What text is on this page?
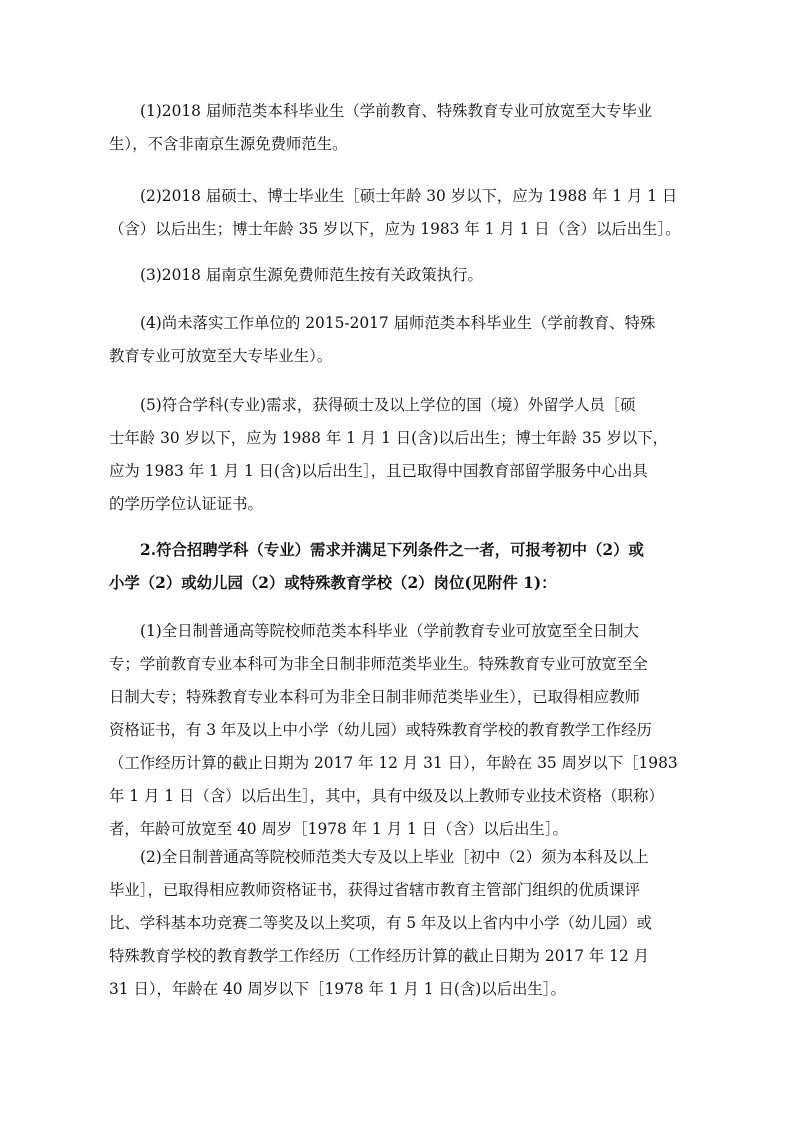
(1)2018 届师范类本科毕业生（学前教育、特殊教育专业可放宽至大专毕业
生），不含非南京生源免费师范生。
(2)2018 届硕士、博士毕业生［硕士年龄 30 岁以下，应为 1988 年 1 月 1 日
（含）以后出生；博士年龄 35 岁以下，应为 1983 年 1 月 1 日（含）以后出生］。
(3)2018 届南京生源免费师范生按有关政策执行。
(4)尚未落实工作单位的 2015-2017 届师范类本科毕业生（学前教育、特殊
教育专业可放宽至大专毕业生）。
(5)符合学科(专业)需求，获得硕士及以上学位的国（境）外留学人员［硕
士年龄 30 岁以下，应为 1988 年 1 月 1 日(含)以后出生；博士年龄 35 岁以下，
应为 1983 年 1 月 1 日(含)以后出生］，且已取得中国教育部留学服务中心出具
的学历学位认证证书。
2.符合招聘学科（专业）需求并满足下列条件之一者，可报考初中（2）或
小学（2）或幼儿园（2）或特殊教育学校（2）岗位(见附件 1)：
(1)全日制普通高等院校师范类本科毕业（学前教育专业可放宽至全日制大
专；学前教育专业本科可为非全日制非师范类毕业生。特殊教育专业可放宽至全
日制大专；特殊教育专业本科可为非全日制非师范类毕业生），已取得相应教师
资格证书，有 3 年及以上中小学（幼儿园）或特殊教育学校的教育教学工作经历
（工作经历计算的截止日期为 2017 年 12 月 31 日），年龄在 35 周岁以下［1983
年 1 月 1 日（含）以后出生］，其中，具有中级及以上教师专业技术资格（职称）
者，年龄可放宽至 40 周岁［1978 年 1 月 1 日（含）以后出生］。
(2)全日制普通高等院校师范类大专及以上毕业［初中（2）须为本科及以上
毕业］，已取得相应教师资格证书，获得过省辖市教育主管部门组织的优质课评
比、学科基本功竞赛二等奖及以上奖项，有 5 年及以上省内中小学（幼儿园）或
特殊教育学校的教育教学工作经历（工作经历计算的截止日期为 2017 年 12 月
31 日），年龄在 40 周岁以下［1978 年 1 月 1 日(含)以后出生］。
